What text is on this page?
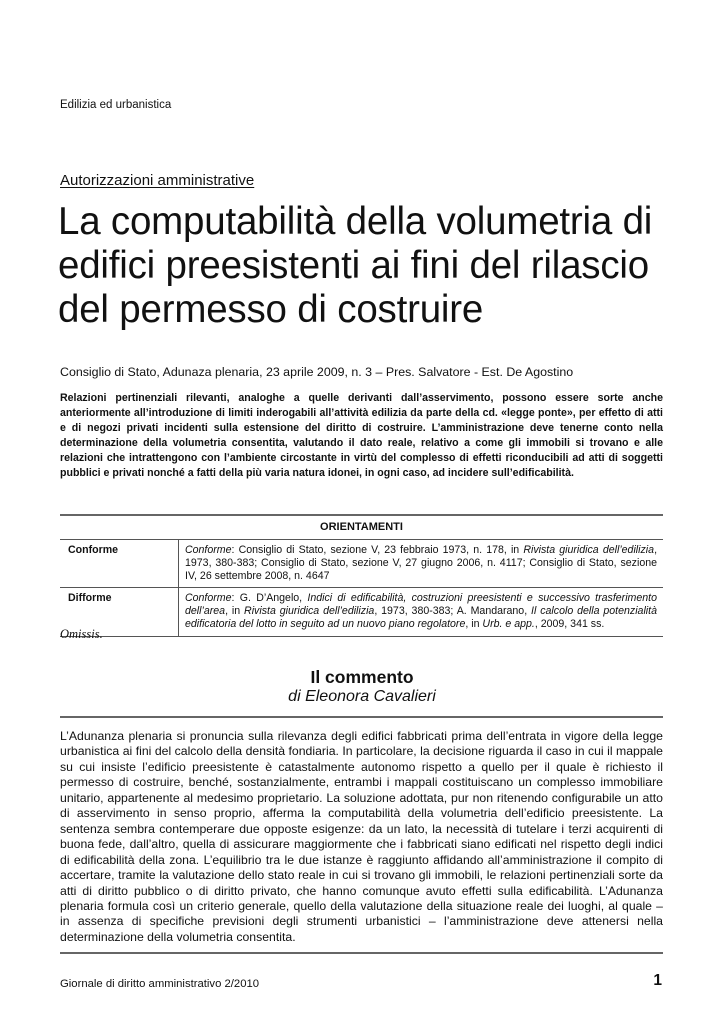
Edilizia ed urbanistica
Autorizzazioni amministrative
La computabilità della volumetria di edifici preesistenti ai fini del rilascio del permesso di costruire
Consiglio di Stato, Adunaza plenaria, 23 aprile 2009, n. 3 – Pres. Salvatore - Est. De Agostino

Relazioni pertinenziali rilevanti, analoghe a quelle derivanti dall’asservimento, possono essere sorte anche anteriormente all’introduzione di limiti inderogabili all’attività edilizia da parte della cd. «legge ponte», per effetto di atti e di negozi privati incidenti sulla estensione del diritto di costruire. L’amministrazione deve tenerne conto nella determinazione della volumetria consentita, valutando il dato reale, relativo a come gli immobili si trovano e alle relazioni che intrattengono con l’ambiente circostante in virtù del complesso di effetti riconducibili ad atti di soggetti pubblici e privati nonché a fatti della più varia natura idonei, in ogni caso, ad incidere sull’edificabilità.

ORIENTAMENTI
Conforme	Conforme: Consiglio di Stato, sezione V, 23 febbraio 1973, n. 178, in Rivista giuridica dell’edilizia, 1973, 380-383; Consiglio di Stato, sezione V, 27 giugno 2006, n. 4117; Consiglio di Stato, sezione IV, 26 settembre 2008, n. 4647
Difforme	Conforme: G. D’Angelo, Indici di edificabilità, costruzioni preesistenti e successivo trasferimento dell’area, in Rivista giuridica dell’edilizia, 1973, 380-383; A. Mandarano, Il calcolo della potenzialità edificatoria del lotto in seguito ad un nuovo piano regolatore, in Urb. e app., 2009, 341 ss.
Omissis.
Il commento
di Eleonora Cavalieri

L’Adunanza plenaria si pronuncia sulla rilevanza degli edifici fabbricati prima dell’entrata in vigore della legge urbanistica ai fini del calcolo della densità fondiaria. In particolare, la decisione riguarda il caso in cui il mappale su cui insiste l’edificio preesistente è catastalmente autonomo rispetto a quello per il quale è richiesto il permesso di costruire, benché, sostanzialmente, entrambi i mappali costituiscano un complesso immobiliare unitario, appartenente al medesimo proprietario. La soluzione adottata, pur non ritenendo configurabile un atto di asservimento in senso proprio, afferma la computabilità della volumetria dell’edificio preesistente. La sentenza sembra contemperare due opposte esigenze: da un lato, la necessità di tutelare i terzi acquirenti di buona fede, dall’altro, quella di assicurare maggiormente che i fabbricati siano edificati nel rispetto degli indici di edificabilità della zona. L’equilibrio tra le due istanze è raggiunto affidando all’amministrazione il compito di accertare, tramite la valutazione dello stato reale in cui si trovano gli immobili, le relazioni pertinenziali sorte da atti di diritto pubblico o di diritto privato, che hanno comunque avuto effetti sulla edificabilità. L’Adunanza plenaria formula così un criterio generale, quello della valutazione della situazione reale dei luoghi, al quale – in assenza di specifiche previsioni degli strumenti urbanistici – l’amministrazione deve attenersi nella determinazione della volumetria consentita.

Giornale di diritto amministrativo 2/2010	1
